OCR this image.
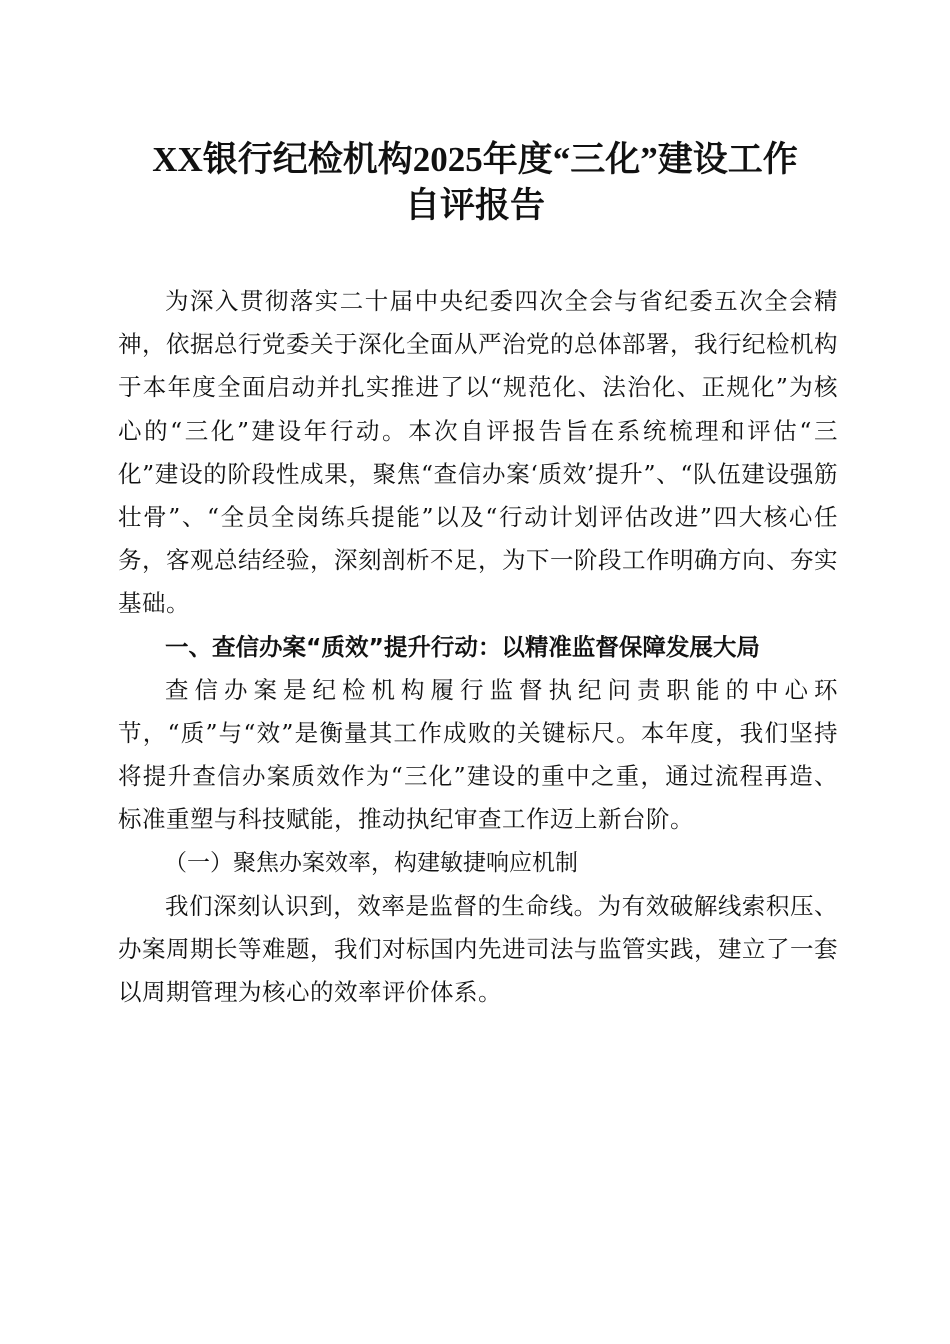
XX银行纪检机构2025年度“三化”建设工作
自评报告

为深入贯彻落实二十届中央纪委四次全会与省纪委五次全会精神，依据总行党委关于深化全面从严治党的总体部署，我行纪检机构于本年度全面启动并扎实推进了以“规范化、法治化、正规化”为核心的“三化”建设年行动。本次自评报告旨在系统梳理和评估“三化”建设的阶段性成果，聚焦“查信办案‘质效’提升”、“队伍建设强筋壮骨”、“全员全岗练兵提能”以及“行动计划评估改进”四大核心任务，客观总结经验，深刻剖析不足，为下一阶段工作明确方向、夯实基础。

一、查信办案“质效”提升行动：以精准监督保障发展大局

查信办案是纪检机构履行监督执纪问责职能的中心环节，“质”与“效”是衡量其工作成败的关键标尺。本年度，我们坚持将提升查信办案质效作为“三化”建设的重中之重，通过流程再造、标准重塑与科技赋能，推动执纪审查工作迈上新台阶。

（一）聚焦办案效率，构建敏捷响应机制

我们深刻认识到，效率是监督的生命线。为有效破解线索积压、办案周期长等难题，我们对标国内先进司法与监管实践，建立了一套以周期管理为核心的效率评价体系。
